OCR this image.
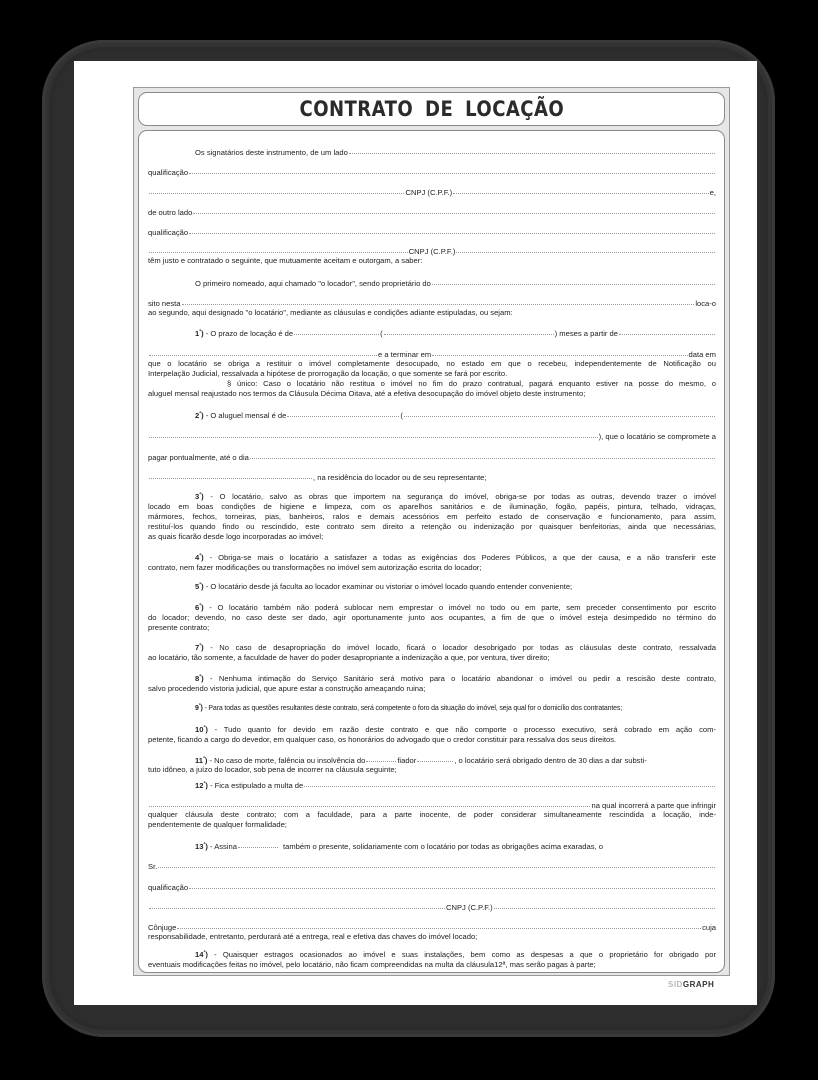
CONTRATO DE LOCAÇÃO
Os signatários deste instrumento, de um lado
qualificação
CNPJ (C.P.F.)	e,
de outro lado
qualificação
CNPJ (C.P.F.)
têm justo e contratado o seguinte, que mutuamente aceitam e outorgam, a saber:
O primeiro nomeado, aqui chamado "o locador", sendo proprietário do
sito nesta	loca-o
ao segundo, aqui designado "o locatário", mediante as cláusulas e condições adiante estipuladas, ou sejam:
$1^ª$)
- O prazo de locação é de	(	) meses a partir de
e a terminar em	data em
que o locatário se obriga a restituir o imóvel completamente desocupado, no estado em que o recebeu, independentemente de Notificação ou
Interpelação Judicial, ressalvada a hipótese de prorrogação da locação, o que somente se fará por escrito.
§ único: Caso o locatário não restitua o imóvel no fim do prazo contratual, pagará enquanto estiver na posse do mesmo, o
aluguel mensal reajustado nos termos da Cláusula Décima Oitava, até a efetiva desocupação do imóvel objeto deste instrumento;
$2^ª$)
- O aluguel mensal é de	(
), que o locatário se compromete a
pagar pontualmente, até o dia
, na residência do locador ou de seu representante;
$3^ª$) - O locatário, salvo as obras que importem na segurança do imóvel, obriga-se por todas as outras, devendo trazer o imóvel
locado em boas condições de higiene e limpeza, com os aparelhos sanitários e de iluminação, fogão, papéis, pintura, telhado, vidraças,
mármores, fechos, torneiras, pias, banheiros, ralos e demais acessórios em perfeito estado de conservação e funcionamento, para assim,
restituí-los quando findo ou rescindido, este contrato sem direito a retenção ou indenização por quaisquer benfeitorias, ainda que necessárias,
as quais ficarão desde logo incorporadas ao imóvel;
$4^ª$) - Obriga-se mais o locatário a satisfazer a todas as exigências dos Poderes Públicos, a que der causa, e a não transferir este
contrato, nem fazer modificações ou transformações no imóvel sem autorização escrita do locador;
$5^ª$)
- O locatário desde já faculta ao locador examinar ou vistoriar o imóvel locado quando entender conveniente;
$6^ª$) - O locatário também não poderá sublocar nem emprestar o imóvel no todo ou em parte, sem preceder consentimento por escrito
do locador; devendo, no caso deste ser dado, agir oportunamente junto aos ocupantes, a fim de que o imóvel esteja desimpedido no término do
presente contrato;
$7^ª$) - No caso de desapropriação do imóvel locado, ficará o locador desobrigado por todas as cláusulas deste contrato, ressalvada
ao locatário, tão somente, a faculdade de haver do poder desapropriante a indenização a que, por ventura, tiver direito;
$8^ª$) - Nenhuma intimação do Serviço Sanitário será motivo para o locatário abandonar o imóvel ou pedir a rescisão deste contrato,
salvo procedendo vistoria judicial, que apure estar a construção ameaçando ruina;
$9^ª$)
- Para todas as questões resultantes deste contrato, será competente o foro da situação do imóvel, seja qual for o domicílio dos contratantes;
$10^ª$) - Tudo quanto for devido em razão deste contrato e que não comporte o processo executivo, será cobrado em ação com-
petente, ficando a cargo do devedor, em qualquer caso, os honorários do advogado que o credor constituir para ressalva dos seus direitos.
$11^ª$)
- No caso de morte, falência ou insolvência do	fiador	, o locatário será obrigado dentro de 30 dias a dar substi-
tuto idôneo, a juízo do locador, sob pena de incorrer na cláusula seguinte;
$12^ª$)
- Fica estipulado a multa de
na qual incorrerá a parte que infringir
qualquer cláusula deste contrato; com a faculdade, para a parte inocente, de poder considerar simultaneamente rescindida a locação, inde-
pendentemente de qualquer formalidade;
$13^ª$)
- Assina	também o presente, solidariamente com o locatário por todas as obrigações acima exaradas, o
Sr.
qualificação
CNPJ (C.P.F.)
Cônjuge	cuja
responsabilidade, entretanto, perdurará até a entrega, real e efetiva das chaves do imóvel locado;
$14^ª$) - Quaisquer estragos ocasionados ao imóvel e suas instalações, bem como as despesas a que o proprietário for obrigado por
eventuais modificações feitas no imóvel, pelo locatário, não ficam compreendidas na multa da cláusula12ª, mas serão pagas à parte;
SIDGRAPH
